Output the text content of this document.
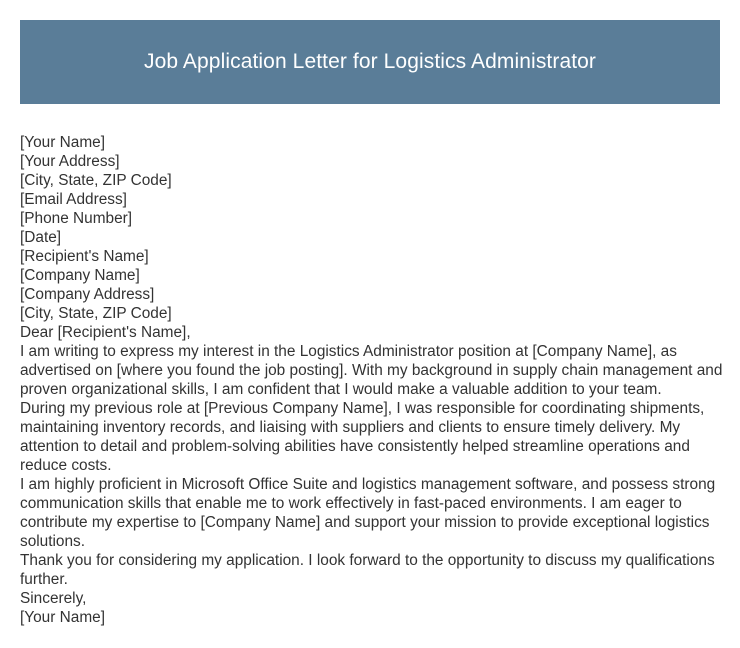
Job Application Letter for Logistics Administrator
[Your Name]
[Your Address]
[City, State, ZIP Code]
[Email Address]
[Phone Number]
[Date]
[Recipient's Name]
[Company Name]
[Company Address]
[City, State, ZIP Code]
Dear [Recipient's Name],
I am writing to express my interest in the Logistics Administrator position at [Company Name], as advertised on [where you found the job posting]. With my background in supply chain management and proven organizational skills, I am confident that I would make a valuable addition to your team.
During my previous role at [Previous Company Name], I was responsible for coordinating shipments, maintaining inventory records, and liaising with suppliers and clients to ensure timely delivery. My attention to detail and problem-solving abilities have consistently helped streamline operations and reduce costs.
I am highly proficient in Microsoft Office Suite and logistics management software, and possess strong communication skills that enable me to work effectively in fast-paced environments. I am eager to contribute my expertise to [Company Name] and support your mission to provide exceptional logistics solutions.
Thank you for considering my application. I look forward to the opportunity to discuss my qualifications further.
Sincerely,
[Your Name]
